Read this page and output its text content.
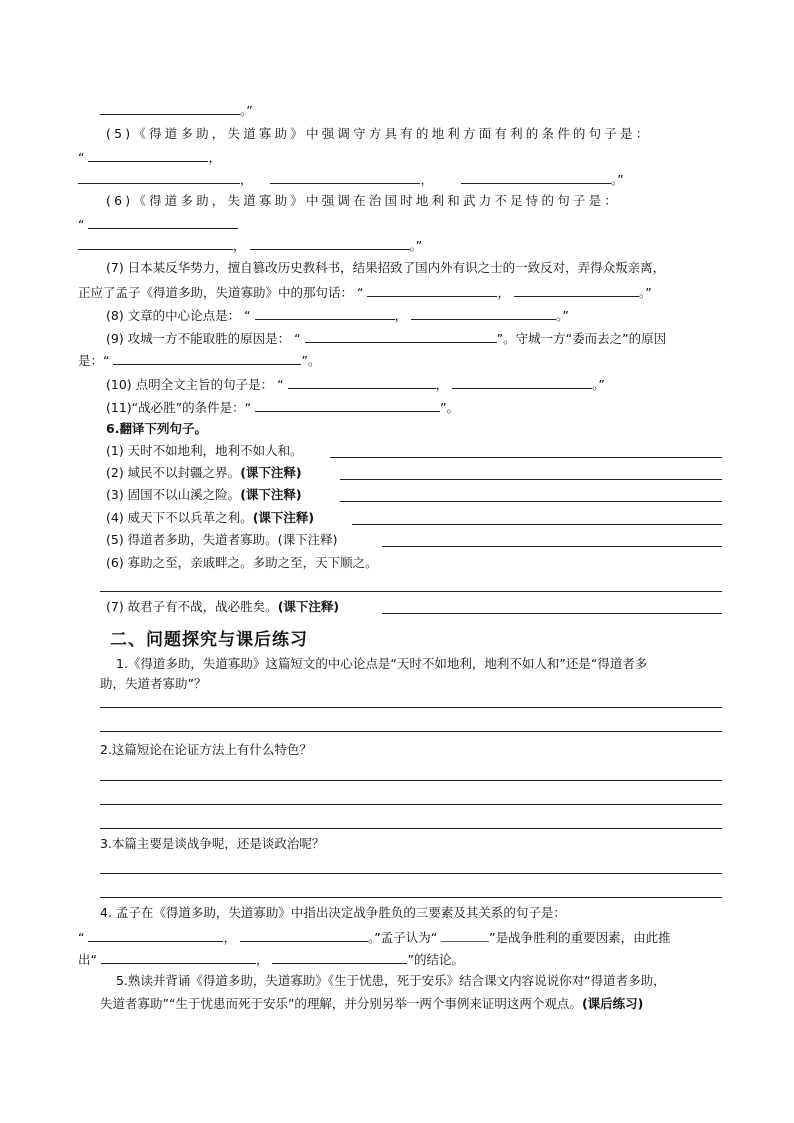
。”
(5)《得道多助，失道寡助》中强调守方具有的地利方面有利的条件的句子是：
“	，
，	，	。”
(6)《得道多助，失道寡助》中强调在治国时地利和武力不足恃的句子是：
“
，	。”
(7) 日本某反华势力，擅自篡改历史教科书，结果招致了国内外有识之士的一致反对，弄得众叛亲离，
正应了孟子《得道多助，失道寡助》中的那句话： “	，	。”
(8) 文章的中心论点是： “	，	。”
(9) 攻城一方不能取胜的原因是： “	”。守城一方“委而去之”的原因
是：“	”。
(10) 点明全文主旨的句子是： “	，	。”
(11)“战必胜”的条件是：“	”。
6.翻译下列句子。
(1) 天时不如地利，地利不如人和。
(2) 域民不以封疆之界。(课下注释)
(3) 固国不以山溪之险。(课下注释)
(4) 威天下不以兵革之利。(课下注释)
(5) 得道者多助，失道者寡助。(课下注释)
(6) 寡助之至，亲戚畔之。多助之至，天下顺之。
(7) 故君子有不战，战必胜矣。(课下注释)
二、问题探究与课后练习
1.《得道多助，失道寡助》这篇短文的中心论点是“天时不如地利，地利不如人和”还是“得道者多
助，失道者寡助”？
2.这篇短论在论证方法上有什么特色？
3.本篇主要是谈战争呢，还是谈政治呢？
4. 孟子在《得道多助，失道寡助》中指出决定战争胜负的三要素及其关系的句子是：
“	，	。”孟子认为“	”是战争胜利的重要因素，由此推
出“	，	”的结论。
5.熟读并背诵《得道多助，失道寡助》《生于忧患，死于安乐》结合课文内容说说你对“得道者多助，
失道者寡助”“生于忧患而死于安乐”的理解，并分别另举一两个事例来证明这两个观点。(课后练习)
